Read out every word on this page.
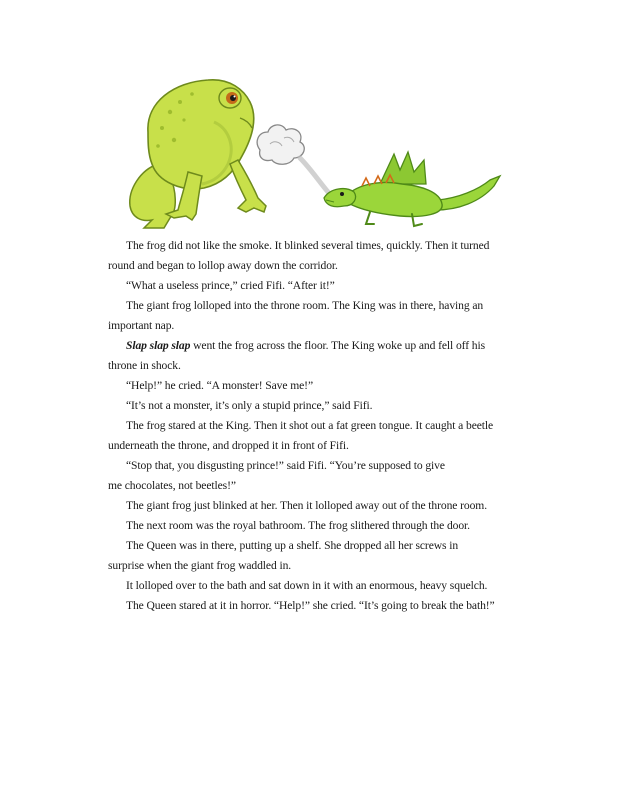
The frog did not like the smoke. It blinked several times, quickly. Then it turned

round and began to lollop away down the corridor.

“What a useless prince,” cried Fifi. “After it!”

The giant frog lolloped into the throne room. The King was in there, having an

important nap.

Slap slap slap went the frog across the floor. The King woke up and fell off his

throne in shock.

“Help!” he cried. “A monster! Save me!”

“It’s not a monster, it’s only a stupid prince,” said Fifi.

The frog stared at the King. Then it shot out a fat green tongue. It caught a beetle

underneath the throne, and dropped it in front of Fifi.

“Stop that, you disgusting prince!” said Fifi. “You’re supposed to give

me chocolates, not beetles!”

The giant frog just blinked at her. Then it lolloped away out of the throne room.

The next room was the royal bathroom. The frog slithered through the door.

The Queen was in there, putting up a shelf. She dropped all her screws in

surprise when the giant frog waddled in.

It lolloped over to the bath and sat down in it with an enormous, heavy squelch.

The Queen stared at it in horror. “Help!” she cried. “It’s going to break the bath!”
